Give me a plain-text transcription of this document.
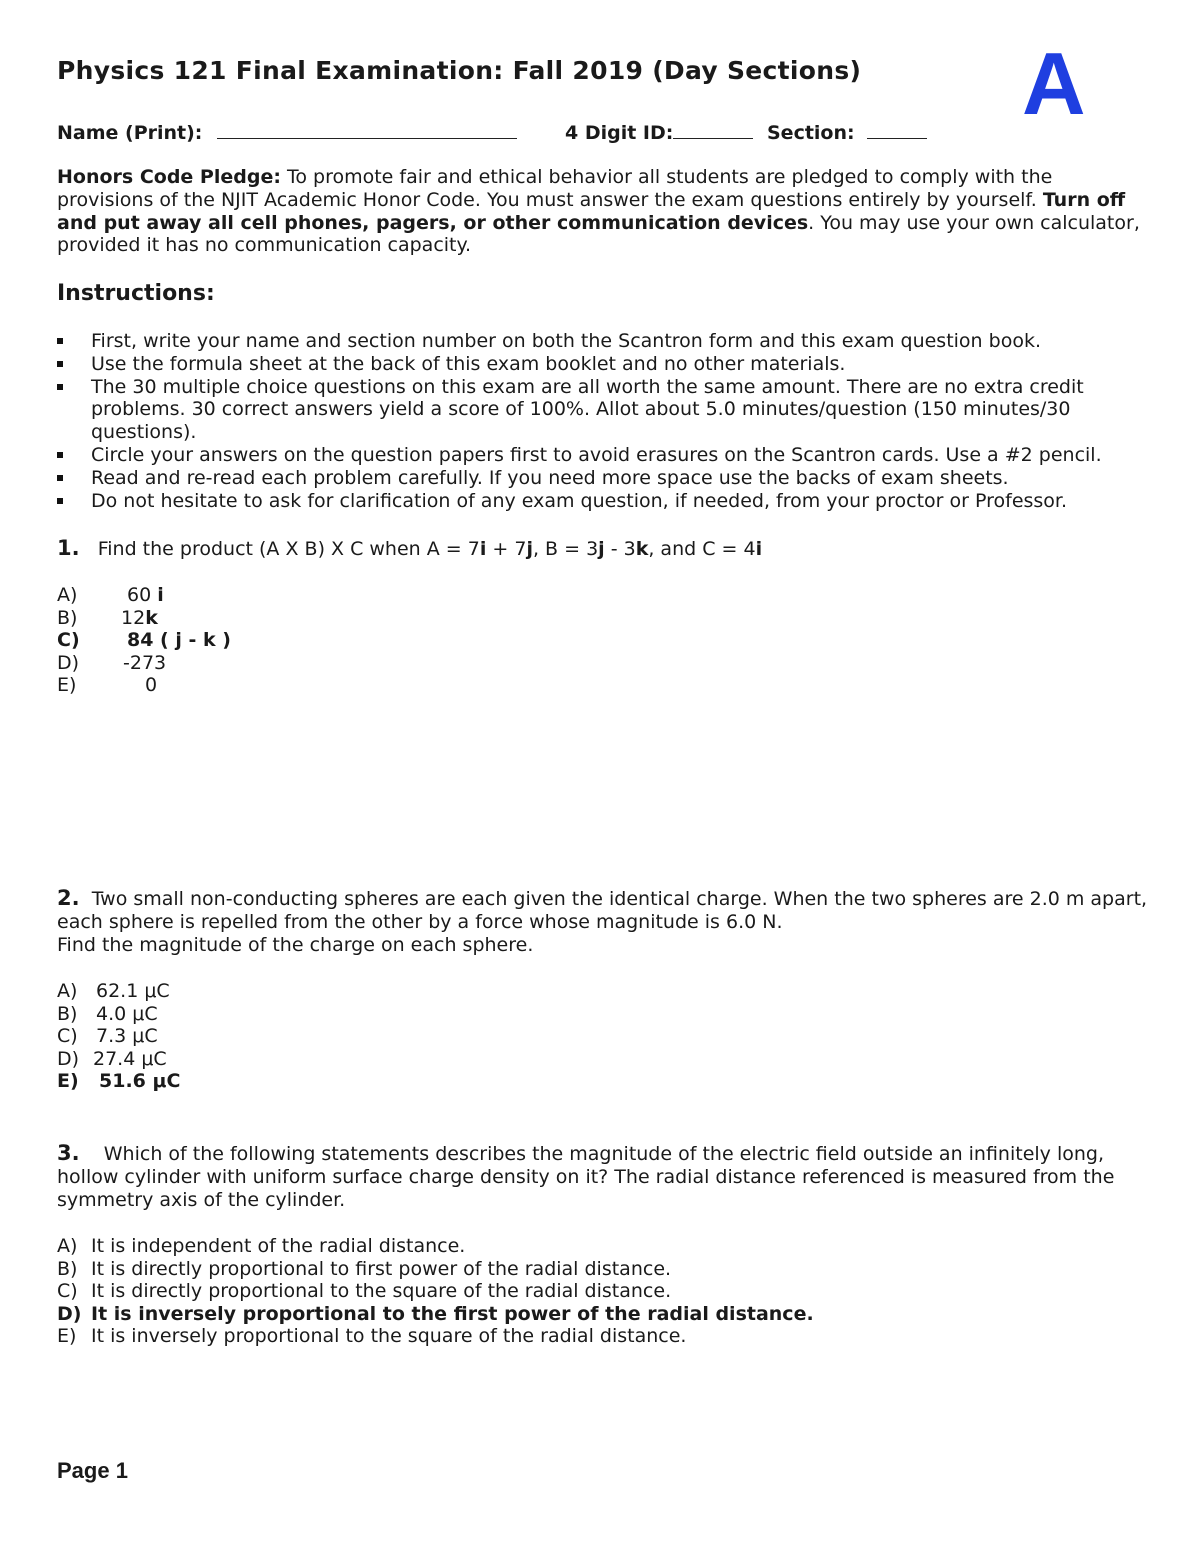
Physics 121 Final Examination: Fall 2019 (Day Sections) A
Name (Print):	4 Digit ID:	Section:
Honors Code Pledge: To promote fair and ethical behavior all students are pledged to comply with the provisions of the NJIT Academic Honor Code. You must answer the exam questions entirely by yourself. Turn off and put away all cell phones, pagers, or other communication devices. You may use your own calculator, provided it has no communication capacity.
Instructions:
First, write your name and section number on both the Scantron form and this exam question book.
Use the formula sheet at the back of this exam booklet and no other materials.
The 30 multiple choice questions on this exam are all worth the same amount. There are no extra credit problems. 30 correct answers yield a score of 100%. Allot about 5.0 minutes/question (150 minutes/30 questions).
Circle your answers on the question papers first to avoid erasures on the Scantron cards. Use a #2 pencil.
Read and re-read each problem carefully. If you need more space use the backs of exam sheets.
Do not hesitate to ask for clarification of any exam question, if needed, from your proctor or Professor.
1. Find the product (A X B) X C when A = 7i + 7j, B = 3j - 3k, and C = 4i
A)	60 i
B) 12k
C) 84 ( j - k )
D) -273
E)	0
2. Two small non-conducting spheres are each given the identical charge. When the two spheres are 2.0 m apart, each sphere is repelled from the other by a force whose magnitude is 6.0 N.
Find the magnitude of the charge on each sphere.
A) 62.1 μC
B) 4.0 μC
C) 7.3 μC
D) 27.4 μC
E) 51.6 μC
3. Which of the following statements describes the magnitude of the electric field outside an infinitely long, hollow cylinder with uniform surface charge density on it? The radial distance referenced is measured from the symmetry axis of the cylinder.
A) It is independent of the radial distance.
B) It is directly proportional to first power of the radial distance.
C) It is directly proportional to the square of the radial distance.
D) It is inversely proportional to the first power of the radial distance.
E) It is inversely proportional to the square of the radial distance.
Page 1
